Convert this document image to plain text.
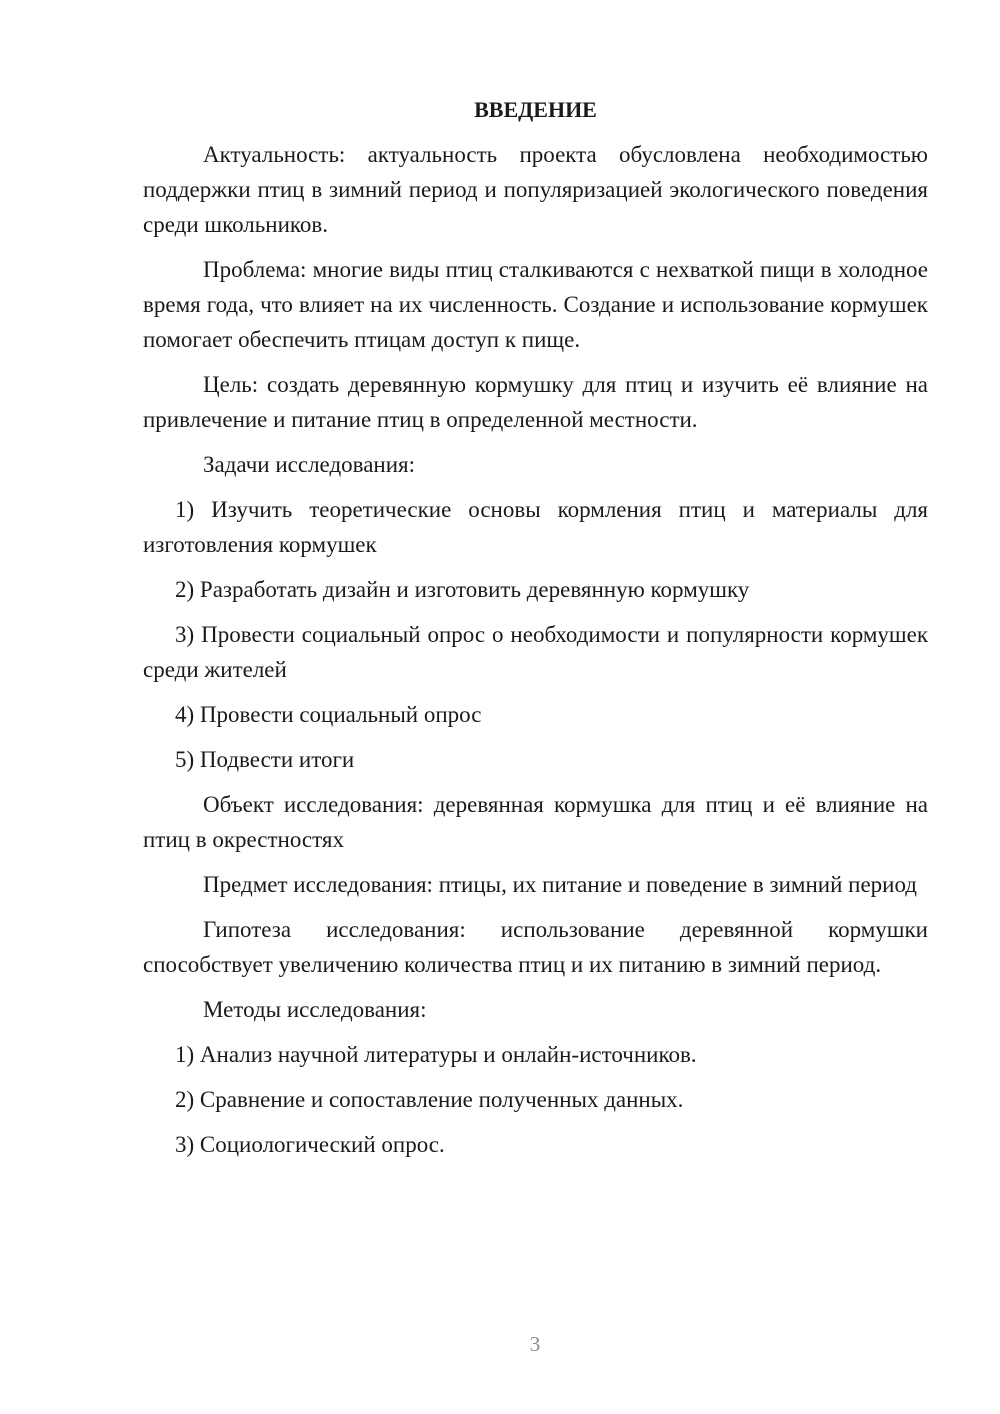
ВВЕДЕНИЕ
Актуальность: актуальность проекта обусловлена необходимостью поддержки птиц в зимний период и популяризацией экологического поведения среди школьников.
Проблема: многие виды птиц сталкиваются с нехваткой пищи в холодное время года, что влияет на их численность. Создание и использование кормушек помогает обеспечить птицам доступ к пище.
Цель: создать деревянную кормушку для птиц и изучить её влияние на привлечение и питание птиц в определенной местности.
Задачи исследования:
1) Изучить теоретические основы кормления птиц и материалы для изготовления кормушек
2) Разработать дизайн и изготовить деревянную кормушку
3) Провести социальный опрос о необходимости и популярности кормушек среди жителей
4) Провести социальный опрос
5) Подвести итоги
Объект исследования: деревянная кормушка для птиц и её влияние на птиц в окрестностях
Предмет исследования: птицы, их питание и поведение в зимний период
Гипотеза исследования: использование деревянной кормушки способствует увеличению количества птиц и их питанию в зимний период.
Методы исследования:
1) Анализ научной литературы и онлайн-источников.
2) Сравнение и сопоставление полученных данных.
3) Социологический опрос.
3
